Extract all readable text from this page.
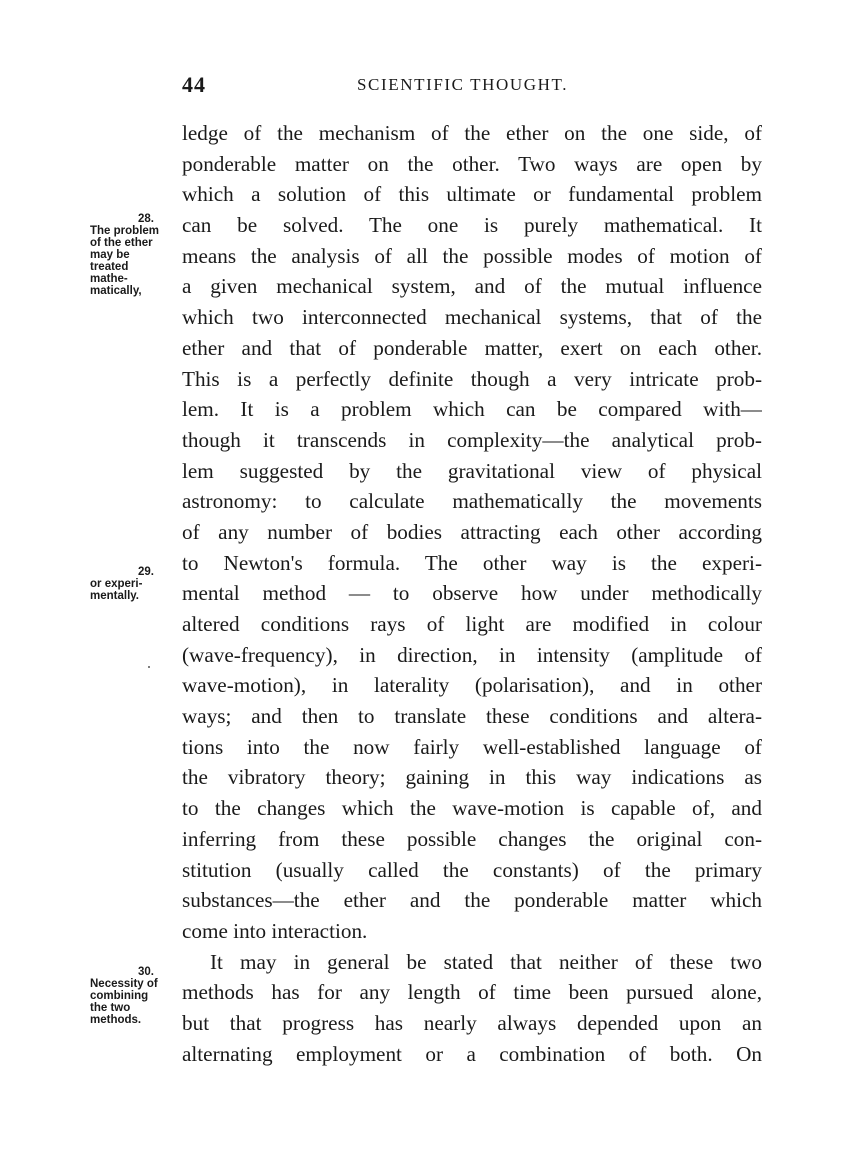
44	SCIENTIFIC THOUGHT.
28.
The problem
of the ether
may be
treated
mathe-
matically,
29.
or experi-
mentally.
30.
Necessity of
combining
the two
methods.
ledge of the mechanism of the ether on the one side, of
ponderable matter on the other. Two ways are open by
which a solution of this ultimate or fundamental problem
can be solved. The one is purely mathematical. It
means the analysis of all the possible modes of motion of
a given mechanical system, and of the mutual influence
which two interconnected mechanical systems, that of the
ether and that of ponderable matter, exert on each other.
This is a perfectly definite though a very intricate prob-
lem. It is a problem which can be compared with—
though it transcends in complexity—the analytical prob-
lem suggested by the gravitational view of physical
astronomy: to calculate mathematically the movements
of any number of bodies attracting each other according
to Newton's formula. The other way is the experi-
mental method — to observe how under methodically
altered conditions rays of light are modified in colour
(wave-frequency), in direction, in intensity (amplitude of
wave-motion), in laterality (polarisation), and in other
ways; and then to translate these conditions and altera-
tions into the now fairly well-established language of
the vibratory theory; gaining in this way indications as
to the changes which the wave-motion is capable of, and
inferring from these possible changes the original con-
stitution (usually called the constants) of the primary
substances—the ether and the ponderable matter which
come into interaction.
It may in general be stated that neither of these two
methods has for any length of time been pursued alone,
but that progress has nearly always depended upon an
alternating employment or a combination of both. On
